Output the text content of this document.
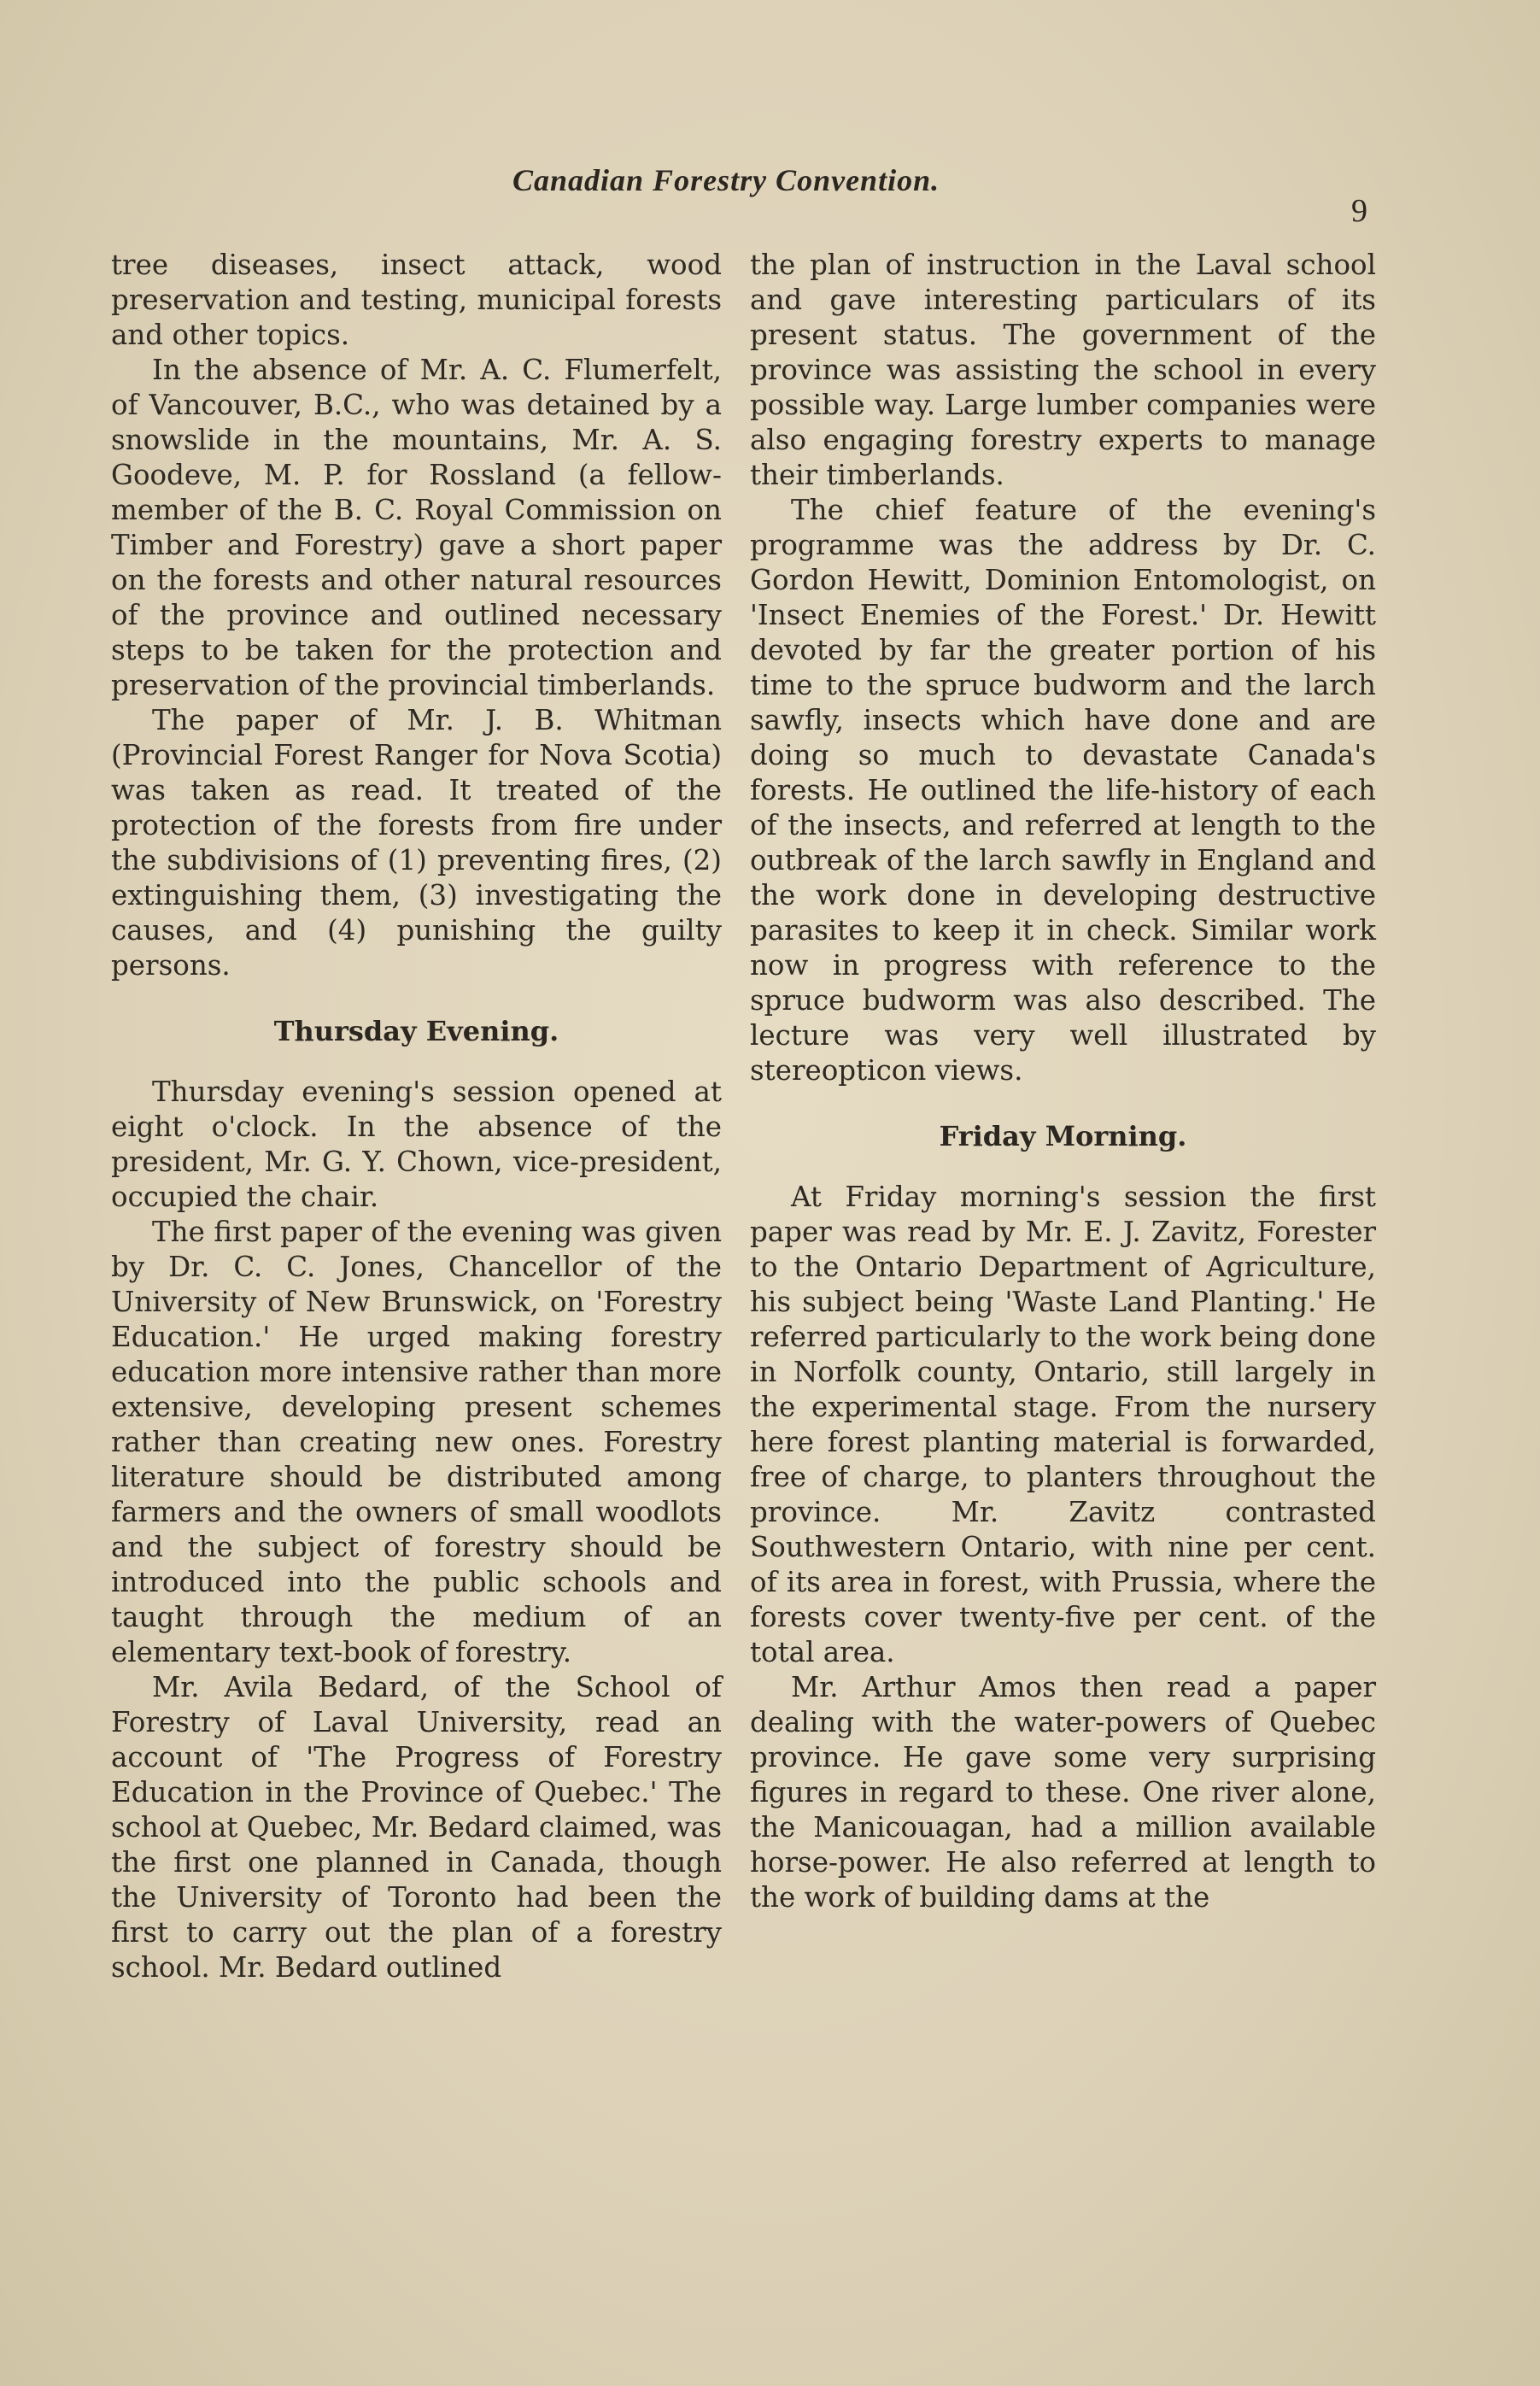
Canadian Forestry Convention.
9

tree diseases, insect attack, wood preservation and testing, municipal forests and other topics.

In the absence of Mr. A. C. Flumerfelt, of Vancouver, B.C., who was detained by a snowslide in the mountains, Mr. A. S. Goodeve, M. P. for Rossland (a fellow-member of the B. C. Royal Commission on Timber and Forestry) gave a short paper on the forests and other natural resources of the province and outlined necessary steps to be taken for the protection and preservation of the provincial timberlands.

The paper of Mr. J. B. Whitman (Provincial Forest Ranger for Nova Scotia) was taken as read. It treated of the protection of the forests from fire under the subdivisions of (1) preventing fires, (2) extinguishing them, (3) investigating the causes, and (4) punishing the guilty persons.

Thursday Evening.

Thursday evening's session opened at eight o'clock. In the absence of the president, Mr. G. Y. Chown, vice-president, occupied the chair.

The first paper of the evening was given by Dr. C. C. Jones, Chancellor of the University of New Brunswick, on 'Forestry Education.' He urged making forestry education more intensive rather than more extensive, developing present schemes rather than creating new ones. Forestry literature should be distributed among farmers and the owners of small woodlots and the subject of forestry should be introduced into the public schools and taught through the medium of an elementary text-book of forestry.

Mr. Avila Bedard, of the School of Forestry of Laval University, read an account of 'The Progress of Forestry Education in the Province of Quebec.' The school at Quebec, Mr. Bedard claimed, was the first one planned in Canada, though the University of Toronto had been the first to carry out the plan of a forestry school. Mr. Bedard outlined

the plan of instruction in the Laval school and gave interesting particulars of its present status. The government of the province was assisting the school in every possible way. Large lumber companies were also engaging forestry experts to manage their timberlands.

The chief feature of the evening's programme was the address by Dr. C. Gordon Hewitt, Dominion Entomologist, on 'Insect Enemies of the Forest.' Dr. Hewitt devoted by far the greater portion of his time to the spruce budworm and the larch sawfly, insects which have done and are doing so much to devastate Canada's forests. He outlined the life-history of each of the insects, and referred at length to the outbreak of the larch sawfly in England and the work done in developing destructive parasites to keep it in check. Similar work now in progress with reference to the spruce budworm was also described. The lecture was very well illustrated by stereopticon views.

Friday Morning.

At Friday morning's session the first paper was read by Mr. E. J. Zavitz, Forester to the Ontario Department of Agriculture, his subject being 'Waste Land Planting.' He referred particularly to the work being done in Norfolk county, Ontario, still largely in the experimental stage. From the nursery here forest planting material is forwarded, free of charge, to planters throughout the province. Mr. Zavitz contrasted Southwestern Ontario, with nine per cent. of its area in forest, with Prussia, where the forests cover twenty-five per cent. of the total area.

Mr. Arthur Amos then read a paper dealing with the water-powers of Quebec province. He gave some very surprising figures in regard to these. One river alone, the Manicouagan, had a million available horse-power. He also referred at length to the work of building dams at the
